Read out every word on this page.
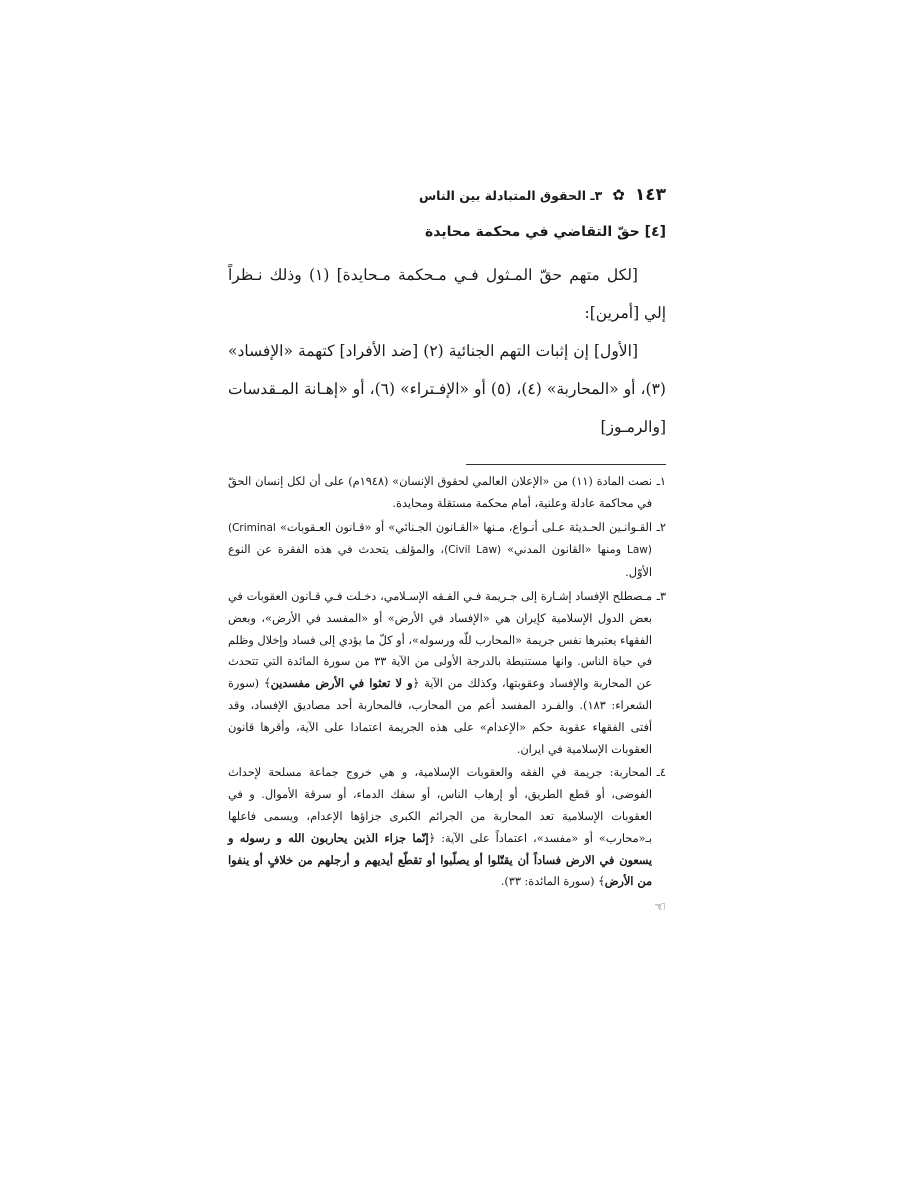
١٤٣
✿
٣ـ الحقوق المتبادلة بين الناس
[٤] حقّ التقاضي في محكمة محايدة

[لكل متهم حقّ المـثول فـي مـحكمة مـحايدة] (١) وذلك نـظراً إلي [أمرين]:

[الأول] إن إثبات التهم الجنائية (٢) [ضد الأفراد] كتهمة «الإفساد» (٣)، أو «المحاربة» (٤)، (٥) أو «الإفـتراء» (٦)، أو «إهـانة المـقدسات [والرمـوز]

١ـ
نصت المادة (١١) من «الإعلان العالمي لحقوق الإنسان» (١٩٤٨م) على أن لكل إنسان الحقّ في محاكمة عادلة وعلنية، أمام محكمة مستقلة ومحايدة.
٢ـ
القـوانـين الحـديثة عـلى أنـواع، مـنها «القـانون الجـنائي» أو «قـانون العـقوبات» (Criminal Law) ومنها «القانون المدني» (Civil Law)، والمؤلف يتحدث في هذه الفقرة عن النوع الأوّل.
٣ـ
مـصطلح الإفساد إشـارة إلى جـريمة فـي الفـقه الإسـلامي، دخـلت فـي قـانون العقوبات في بعض الدول الإسلامية كإيران هي «الإفساد في الأرض» أو «المفسد في الأرض»، وبعض الفقهاء يعتبرها نفس جريمة «المحارب للّه ورسوله»، أو كلّ ما يؤدي إلى فساد وإخلال وظلم في حياة الناس. وانها مستنبطة بالدرجة الأولى من الآية ٣٣ من سورة المائدة التي تتحدث عن المحاربة والإفساد وعقوبتها، وكذلك من الآية ﴿و لا تعثوا في الأرض مفسدين﴾ (سورة الشعراء: ١٨٣). والفـرد المفسد أعم من المحارب، فالمحاربة أحد مصاديق الإفساد، وقد أفتى الفقهاء عقوبة حكم «الإعدام» على هذه الجريمة اعتمادا على الآية، وأقرها قانون العقوبات الإسلامية في ايران.
٤ـ
المحاربة: جريمة في الفقه والعقوبات الإسلامية، و هي خروج جماعة مسلحة لإحداث الفوضى، أو قطع الطريق، أو إرهاب الناس، أو سفك الدماء، أو سرقة الأموال. و في العقوبات الإسلامية تعد المحاربة من الجرائم الكبرى جزاؤها الإعدام، ويسمى فاعلها بـ«محارب» أو «مفسد»، اعتماداً على الآية: ﴿إنّما جزاء الذين يحاربون الله و رسوله و يسعون في الارض فساداً أن يقتّلوا أو يصلّبوا أو تقطّع أيديهم و أرجلهم من خلافٍ أو ينفوا من الأرض﴾ (سورة المائدة: ٣٣).
☜
